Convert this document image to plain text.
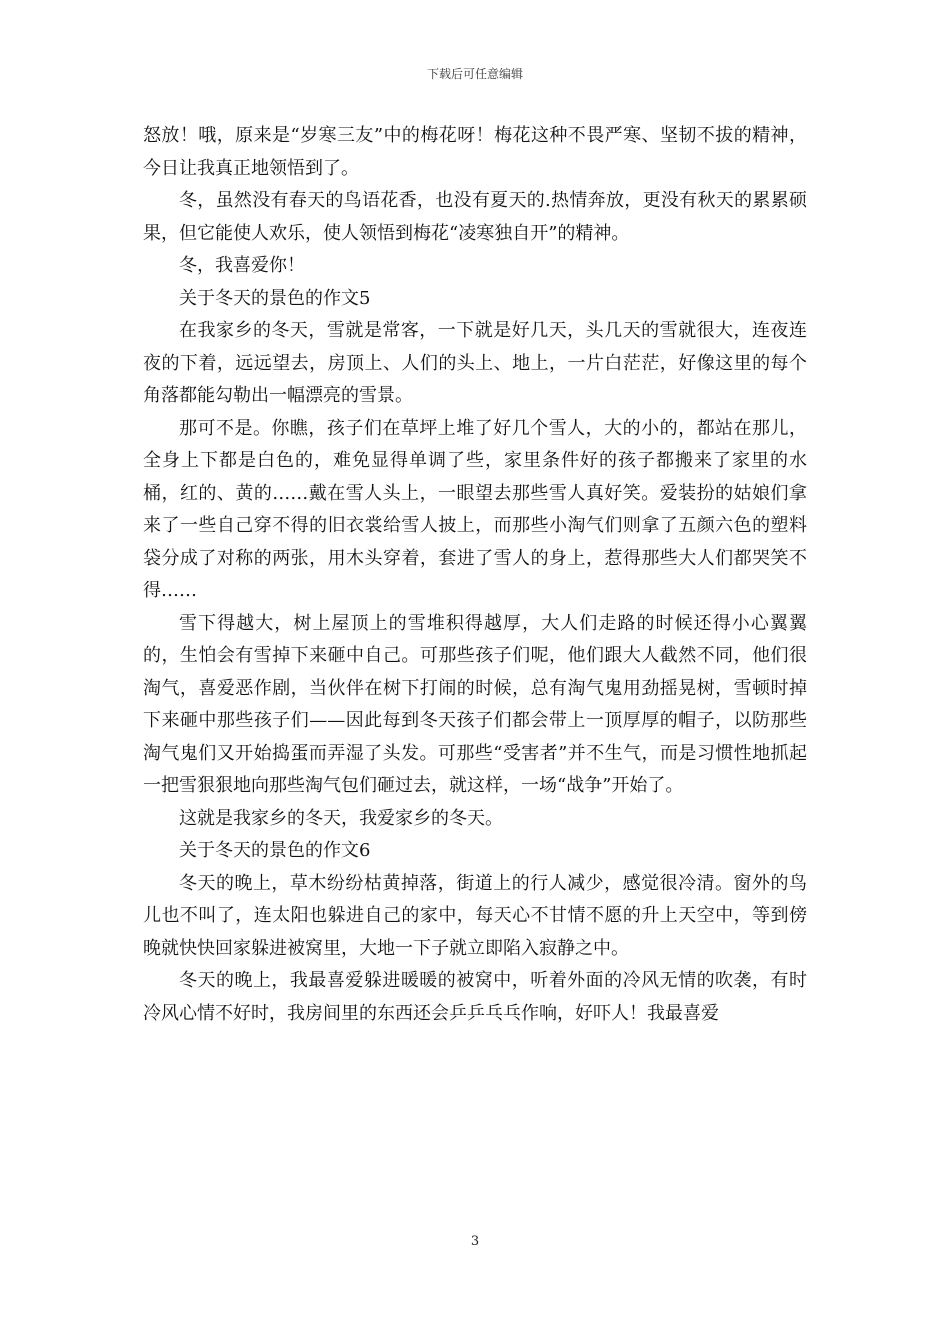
下载后可任意编辑

怒放！哦，原来是“岁寒三友”中的梅花呀！梅花这种不畏严寒、坚韧不拔的精神，今日让我真正地领悟到了。

冬，虽然没有春天的鸟语花香，也没有夏天的.热情奔放，更没有秋天的累累硕果，但它能使人欢乐，使人领悟到梅花“凌寒独自开”的精神。

冬，我喜爱你！

关于冬天的景色的作文5

在我家乡的冬天，雪就是常客，一下就是好几天，头几天的雪就很大，连夜连夜的下着，远远望去，房顶上、人们的头上、地上，一片白茫茫，好像这里的每个角落都能勾勒出一幅漂亮的雪景。

那可不是。你瞧，孩子们在草坪上堆了好几个雪人，大的小的，都站在那儿，全身上下都是白色的，难免显得单调了些，家里条件好的孩子都搬来了家里的水桶，红的、黄的……戴在雪人头上，一眼望去那些雪人真好笑。爱装扮的姑娘们拿来了一些自己穿不得的旧衣裳给雪人披上，而那些小淘气们则拿了五颜六色的塑料袋分成了对称的两张，用木头穿着，套进了雪人的身上，惹得那些大人们都哭笑不得……

雪下得越大，树上屋顶上的雪堆积得越厚，大人们走路的时候还得小心翼翼的，生怕会有雪掉下来砸中自己。可那些孩子们呢，他们跟大人截然不同，他们很淘气，喜爱恶作剧，当伙伴在树下打闹的时候，总有淘气鬼用劲摇晃树，雪顿时掉下来砸中那些孩子们——因此每到冬天孩子们都会带上一顶厚厚的帽子，以防那些淘气鬼们又开始捣蛋而弄湿了头发。可那些“受害者”并不生气，而是习惯性地抓起一把雪狠狠地向那些淘气包们砸过去，就这样，一场“战争”开始了。

这就是我家乡的冬天，我爱家乡的冬天。

关于冬天的景色的作文6

冬天的晚上，草木纷纷枯黄掉落，街道上的行人减少，感觉很冷清。窗外的鸟儿也不叫了，连太阳也躲进自己的家中，每天心不甘情不愿的升上天空中，等到傍晚就快快回家躲进被窝里，大地一下子就立即陷入寂静之中。

冬天的晚上，我最喜爱躲进暖暖的被窝中，听着外面的冷风无情的吹袭，有时冷风心情不好时，我房间里的东西还会乒乒乓乓作响，好吓人！我最喜爱

3
